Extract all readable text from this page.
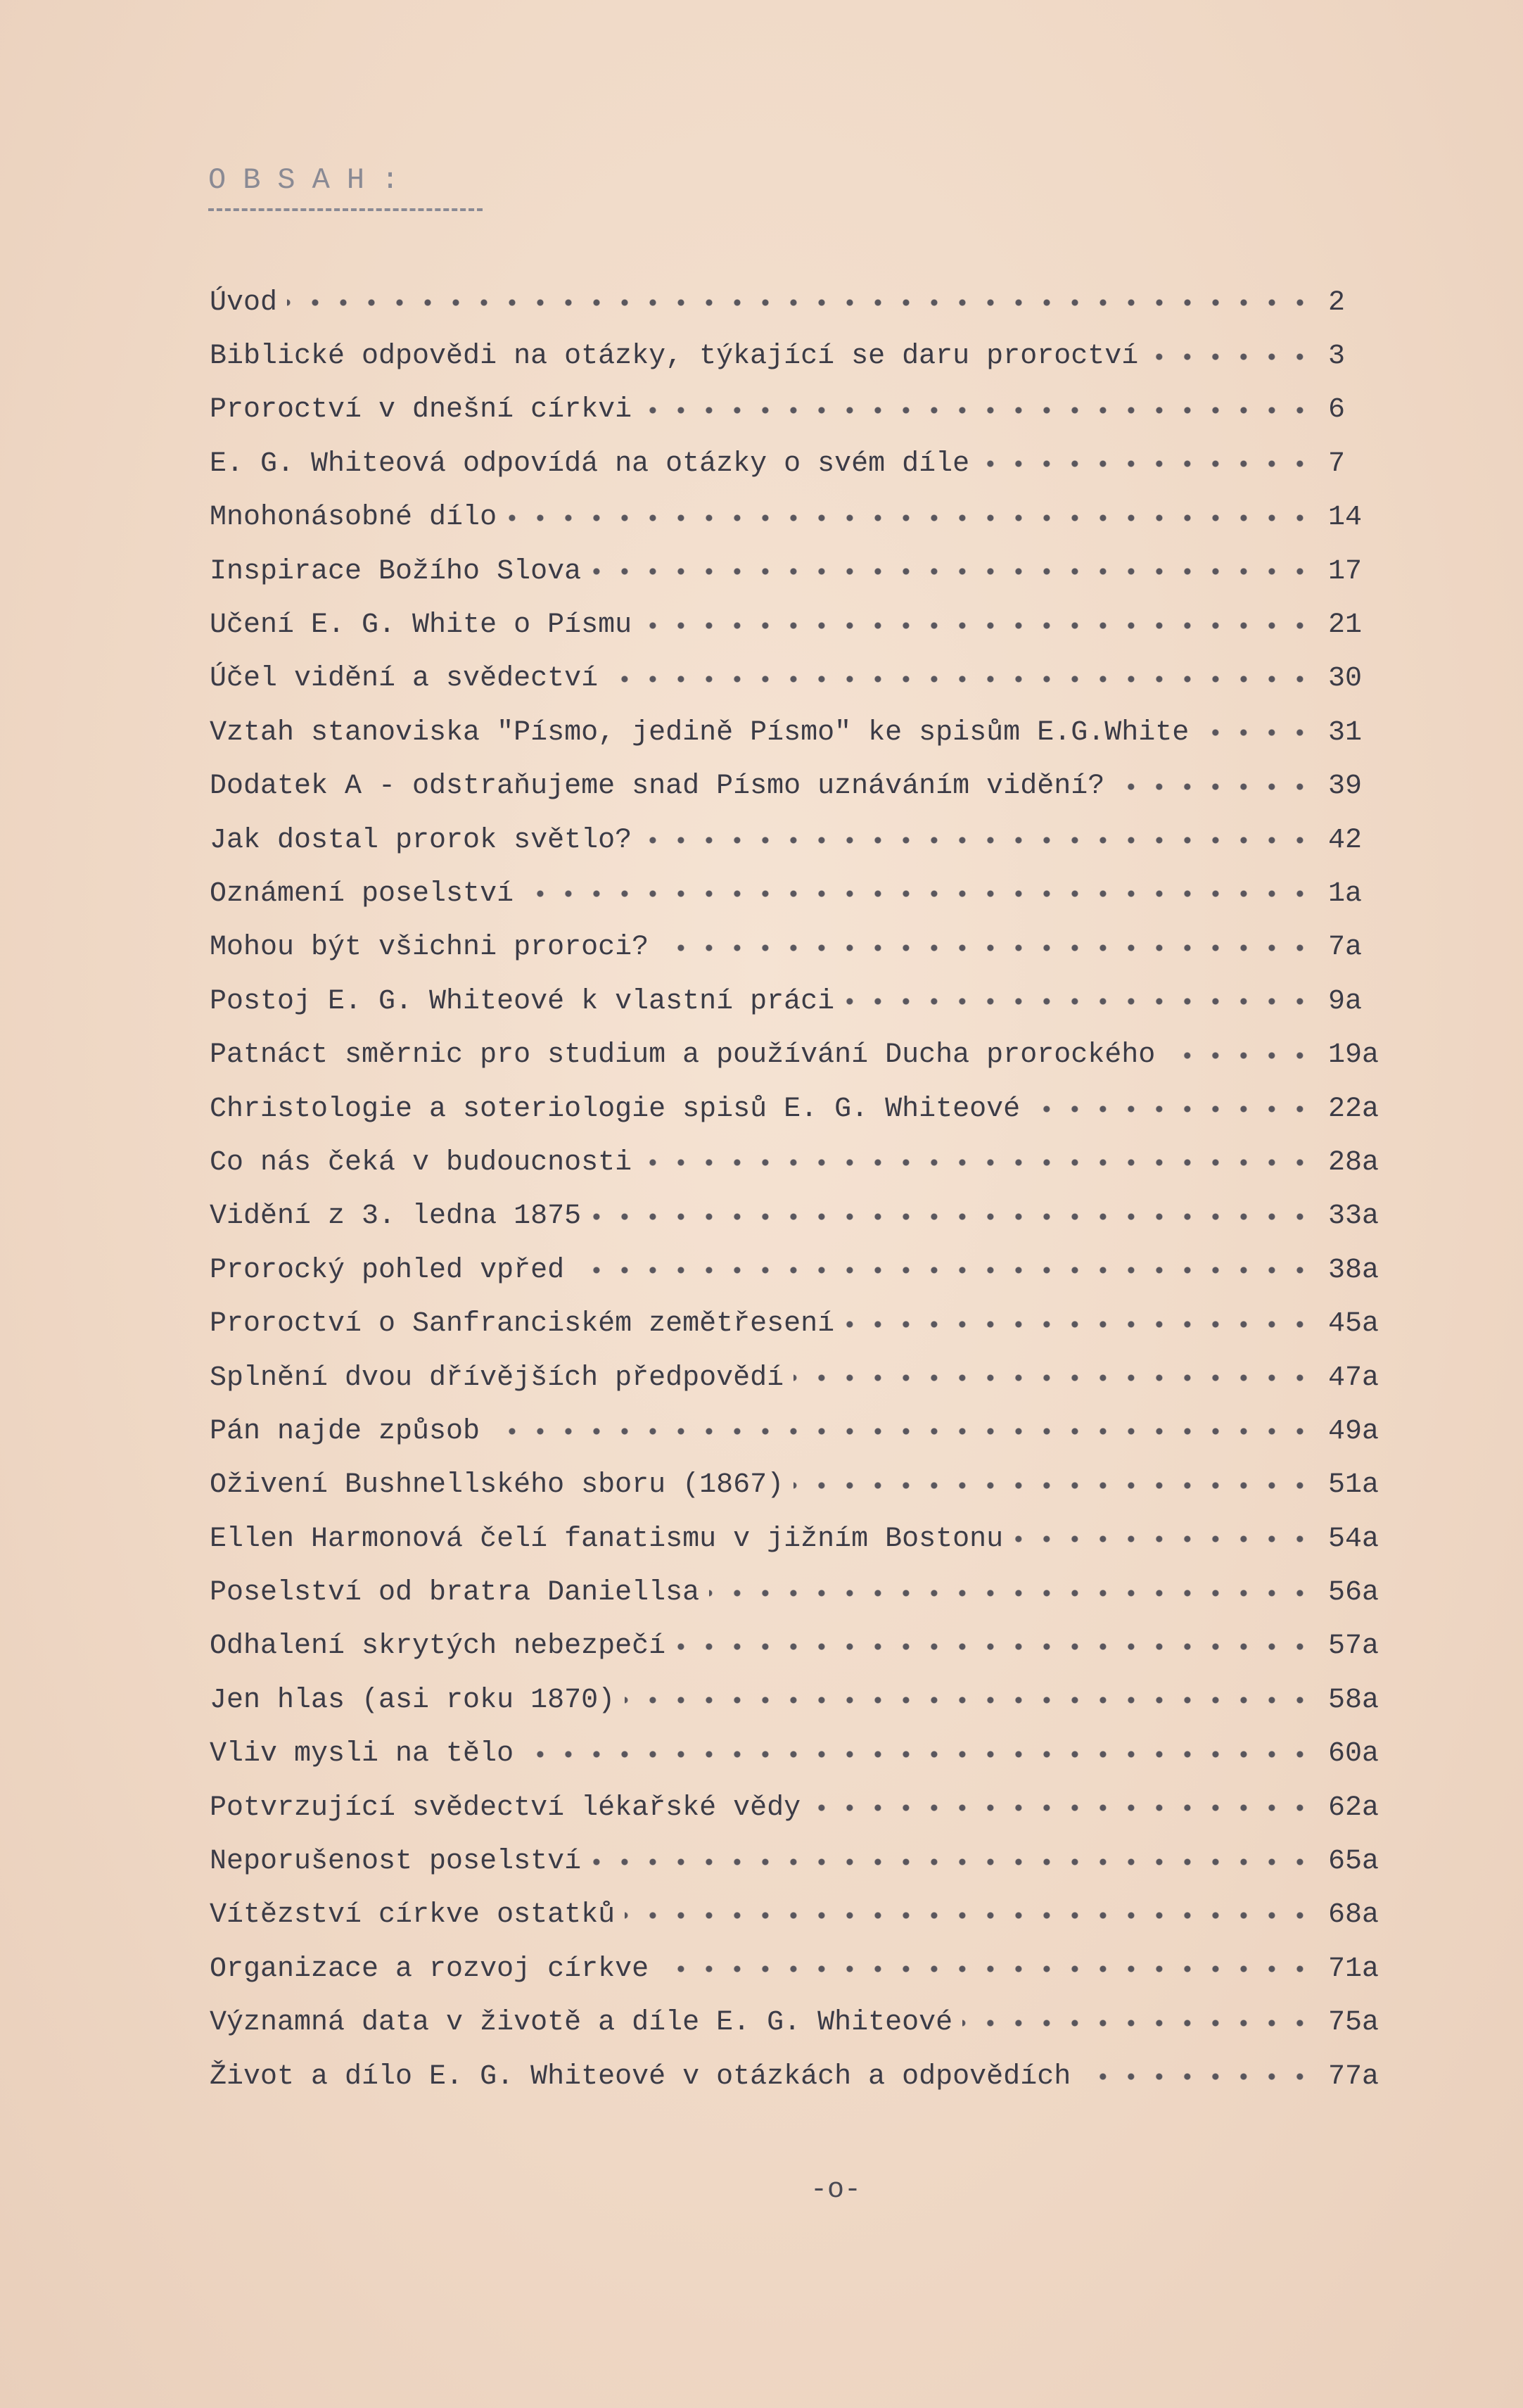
OBSAH:
Úvod	2
Biblické odpovědi na otázky, týkající se daru proroctví	3
Proroctví v dnešní církvi	6
E. G. Whiteová odpovídá na otázky o svém díle	7
Mnohonásobné dílo	14
Inspirace Božího Slova	17
Učení E. G. White o Písmu	21
Účel vidění a svědectví	30
Vztah stanoviska "Písmo, jedině Písmo" ke spisům E.G.White	31
Dodatek A - odstraňujeme snad Písmo uznáváním vidění?	39
Jak dostal prorok světlo?	42
Oznámení poselství	1a
Mohou být všichni proroci?	7a
Postoj E. G. Whiteové k vlastní práci	9a
Patnáct směrnic pro studium a používání Ducha prorockého	19a
Christologie a soteriologie spisů E. G. Whiteové	22a
Co nás čeká v budoucnosti	28a
Vidění z 3. ledna 1875	33a
Prorocký pohled vpřed	38a
Proroctví o Sanfranciském zemětřesení	45a
Splnění dvou dřívějších předpovědí	47a
Pán najde způsob	49a
Oživení Bushnellského sboru (1867)	51a
Ellen Harmonová čelí fanatismu v jižním Bostonu	54a
Poselství od bratra Daniellsa	56a
Odhalení skrytých nebezpečí	57a
Jen hlas (asi roku 1870)	58a
Vliv mysli na tělo	60a
Potvrzující svědectví lékařské vědy	62a
Neporušenost poselství	65a
Vítězství církve ostatků	68a
Organizace a rozvoj církve	71a
Významná data v životě a díle E. G. Whiteové	75a
Život a dílo E. G. Whiteové v otázkách a odpovědích	77a
-o-
